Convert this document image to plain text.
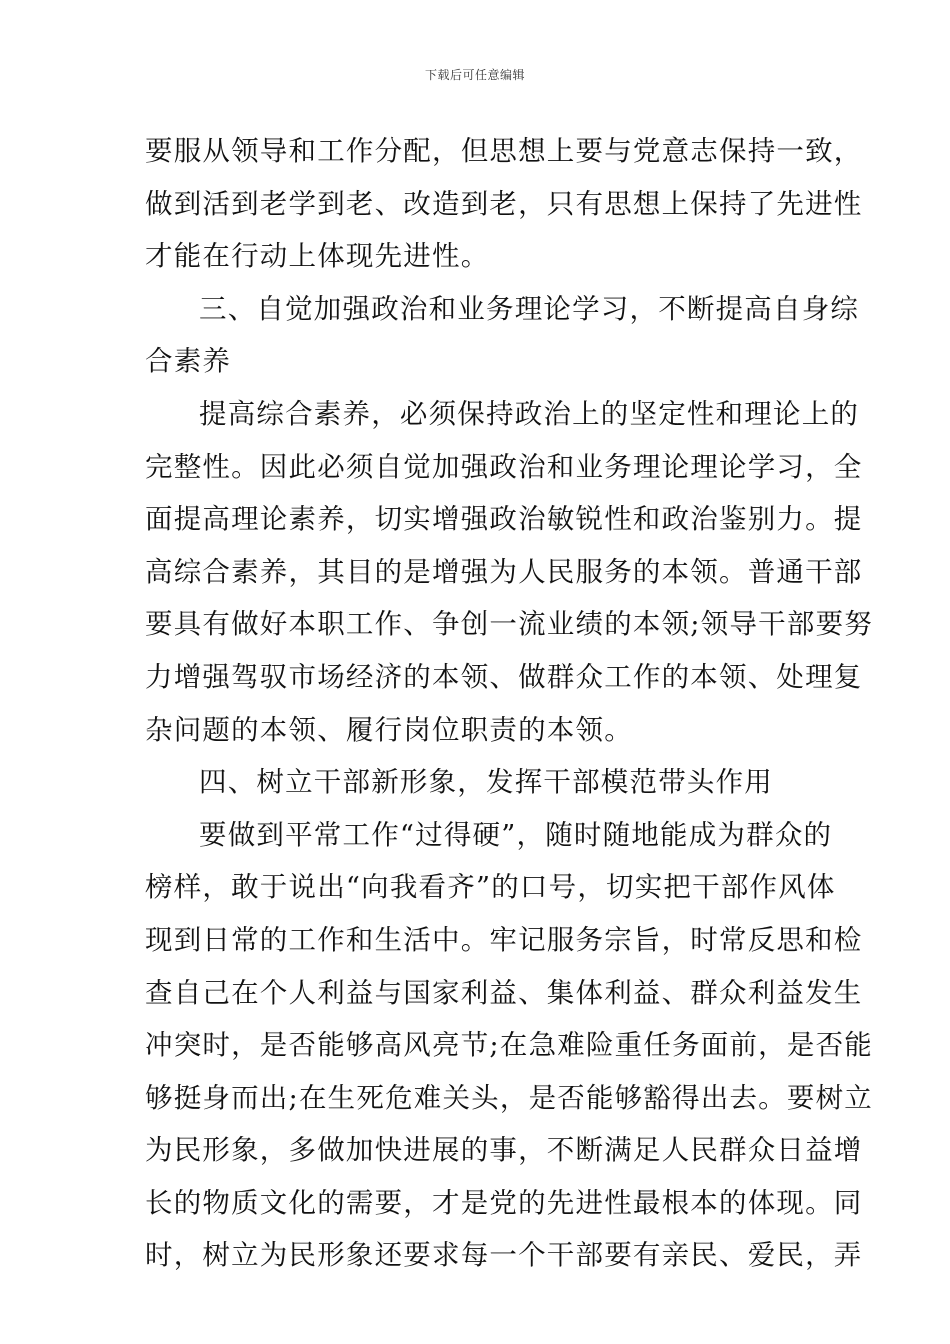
下载后可任意编辑
要服从领导和工作分配，但思想上要与党意志保持一致，
做到活到老学到老、改造到老，只有思想上保持了先进性
才能在行动上体现先进性。
三、自觉加强政治和业务理论学习，不断提高自身综
合素养
提高综合素养，必须保持政治上的坚定性和理论上的
完整性。因此必须自觉加强政治和业务理论理论学习，全
面提高理论素养，切实增强政治敏锐性和政治鉴别力。提
高综合素养，其目的是增强为人民服务的本领。普通干部
要具有做好本职工作、争创一流业绩的本领;领导干部要努
力增强驾驭市场经济的本领、做群众工作的本领、处理复
杂问题的本领、履行岗位职责的本领。
四、树立干部新形象，发挥干部模范带头作用
要做到平常工作“过得硬”，随时随地能成为群众的
榜样，敢于说出“向我看齐”的口号，切实把干部作风体
现到日常的工作和生活中。牢记服务宗旨，时常反思和检
查自己在个人利益与国家利益、集体利益、群众利益发生
冲突时，是否能够高风亮节;在急难险重任务面前，是否能
够挺身而出;在生死危难关头，是否能够豁得出去。要树立
为民形象，多做加快进展的事，不断满足人民群众日益增
长的物质文化的需要，才是党的先进性最根本的体现。同
时，树立为民形象还要求每一个干部要有亲民、爱民，弄
